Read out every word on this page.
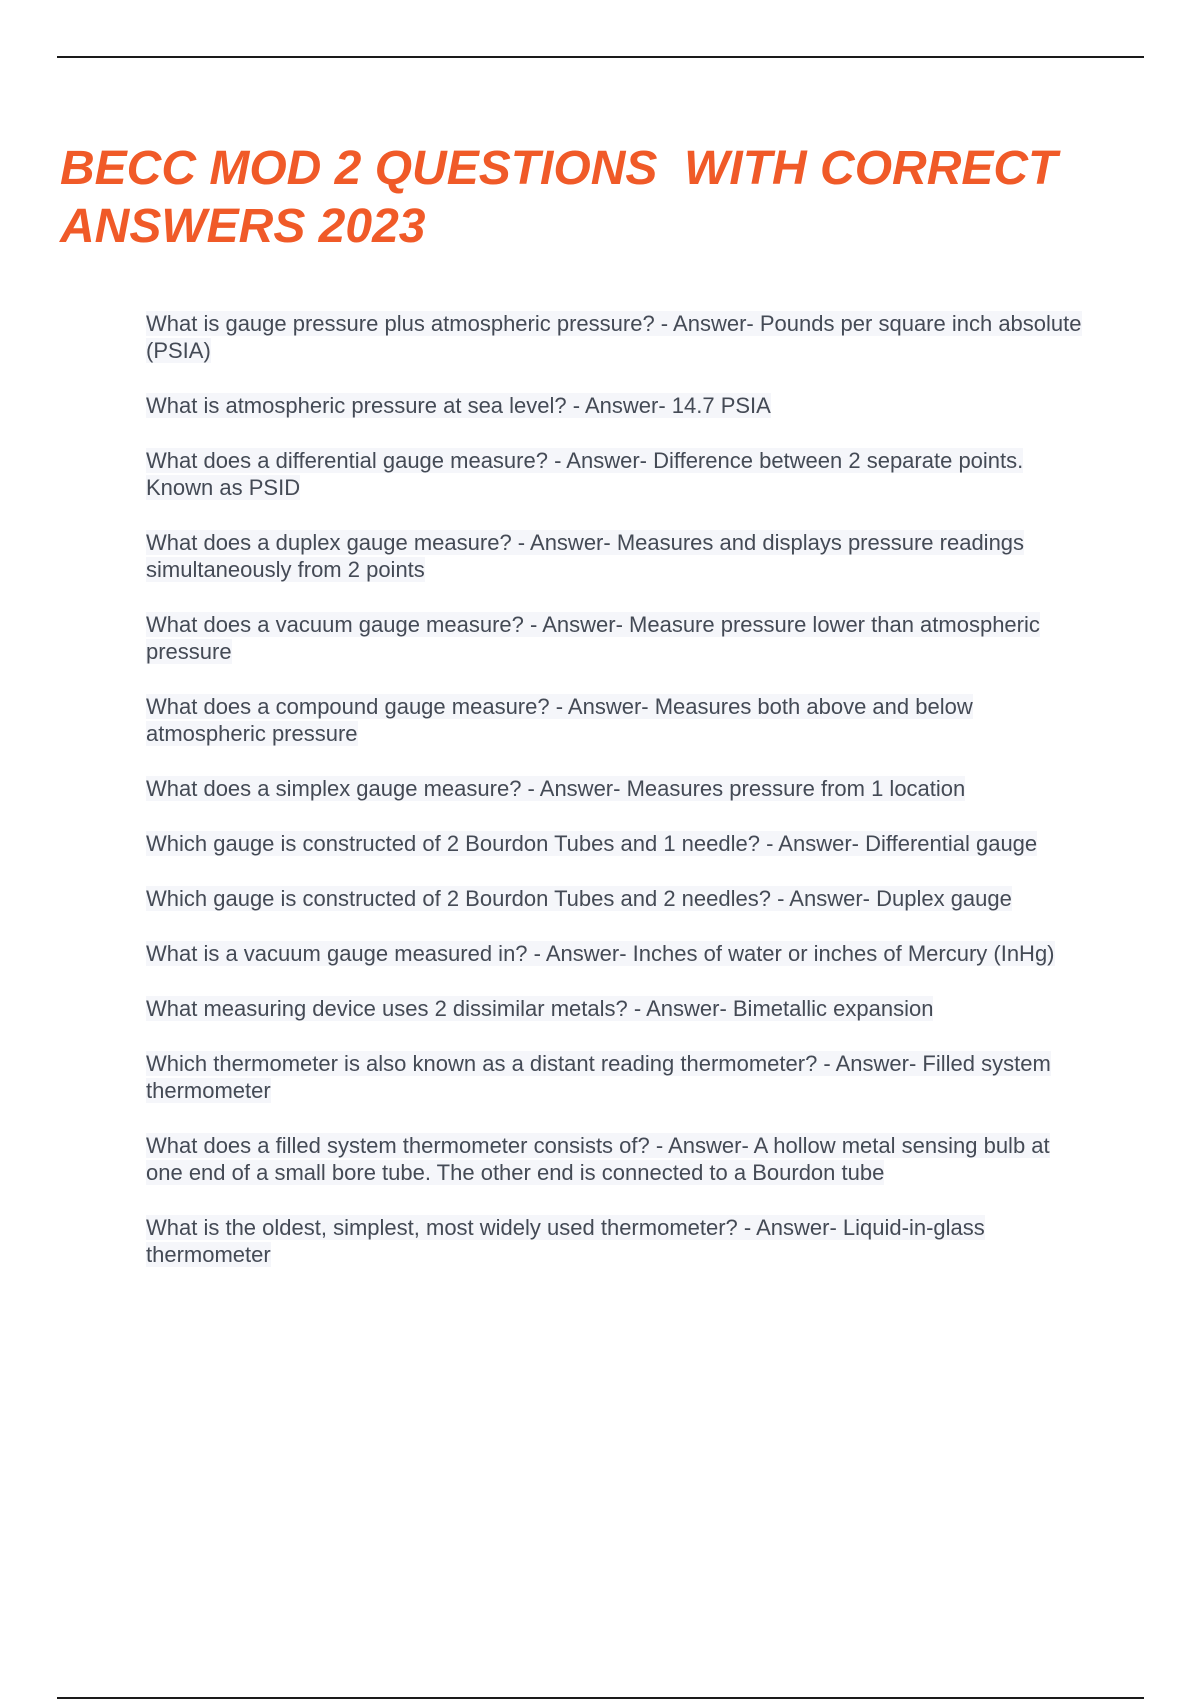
BECC MOD 2 QUESTIONS  WITH CORRECT ANSWERS 2023
What is gauge pressure plus atmospheric pressure? - Answer- Pounds per square inch absolute (PSIA)
What is atmospheric pressure at sea level? - Answer- 14.7 PSIA
What does a differential gauge measure? - Answer- Difference between 2 separate points. Known as PSID
What does a duplex gauge measure? - Answer- Measures and displays pressure readings simultaneously from 2 points
What does a vacuum gauge measure? - Answer- Measure pressure lower than atmospheric pressure
What does a compound gauge measure? - Answer- Measures both above and below atmospheric pressure
What does a simplex gauge measure? - Answer- Measures pressure from 1 location
Which gauge is constructed of 2 Bourdon Tubes and 1 needle? - Answer- Differential gauge
Which gauge is constructed of 2 Bourdon Tubes and 2 needles? - Answer- Duplex gauge
What is a vacuum gauge measured in? - Answer- Inches of water or inches of Mercury (InHg)
What measuring device uses 2 dissimilar metals? - Answer- Bimetallic expansion
Which thermometer is also known as a distant reading thermometer? - Answer- Filled system thermometer
What does a filled system thermometer consists of? - Answer- A hollow metal sensing bulb at one end of a small bore tube. The other end is connected to a Bourdon tube
What is the oldest, simplest, most widely used thermometer? - Answer- Liquid-in-glass thermometer
